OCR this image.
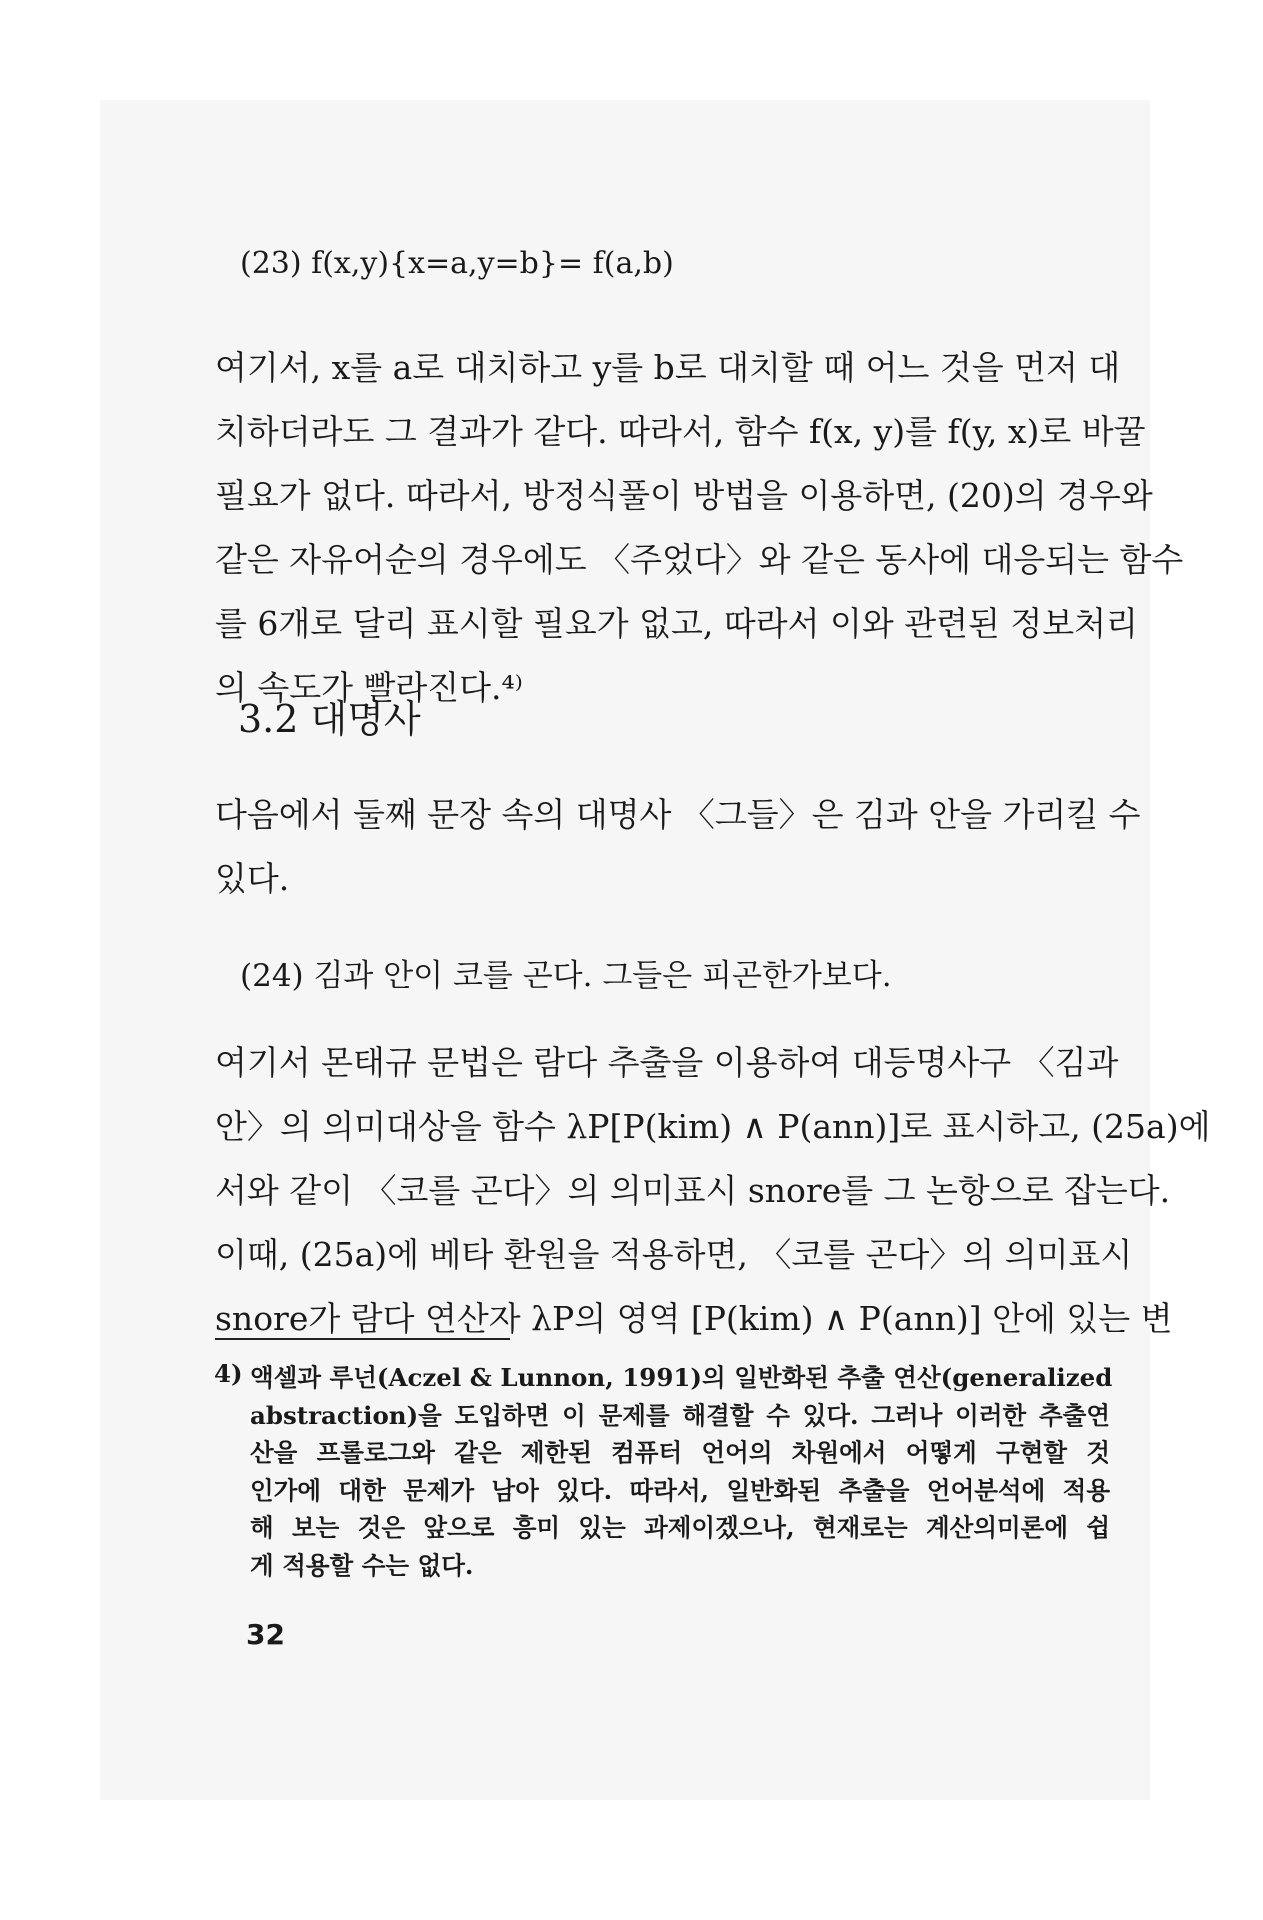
(23) f(x,y){x=a,y=b}= f(a,b)
여기서, x를 a로 대치하고 y를 b로 대치할 때 어느 것을 먼저 대
치하더라도 그 결과가 같다. 따라서, 함수 f(x, y)를 f(y, x)로 바꿀
필요가 없다. 따라서, 방정식풀이 방법을 이용하면, (20)의 경우와
같은 자유어순의 경우에도 〈주었다〉와 같은 동사에 대응되는 함수
를 6개로 달리 표시할 필요가 없고, 따라서 이와 관련된 정보처리
의 속도가 빨라진다.⁴⁾
3.2 대명사
다음에서 둘째 문장 속의 대명사 〈그들〉은 김과 안을 가리킬 수
있다.
(24) 김과 안이 코를 곤다. 그들은 피곤한가보다.
여기서 몬태규 문법은 람다 추출을 이용하여 대등명사구 〈김과
안〉의 의미대상을 함수 λP[P(kim) ∧ P(ann)]로 표시하고, (25a)에
서와 같이 〈코를 곤다〉의 의미표시 snore를 그 논항으로 잡는다.
이때, (25a)에 베타 환원을 적용하면, 〈코를 곤다〉의 의미표시
snore가 람다 연산자 λP의 영역 [P(kim) ∧ P(ann)] 안에 있는 변
4) 액셀과 루넌(Aczel & Lunnon, 1991)의 일반화된 추출 연산(generalized
abstraction)을 도입하면 이 문제를 해결할 수 있다. 그러나 이러한 추출연
산을 프롤로그와 같은 제한된 컴퓨터 언어의 차원에서 어떻게 구현할 것
인가에 대한 문제가 남아 있다. 따라서, 일반화된 추출을 언어분석에 적용
해 보는 것은 앞으로 흥미 있는 과제이겠으나, 현재로는 계산의미론에 쉽
게 적용할 수는 없다.
32
